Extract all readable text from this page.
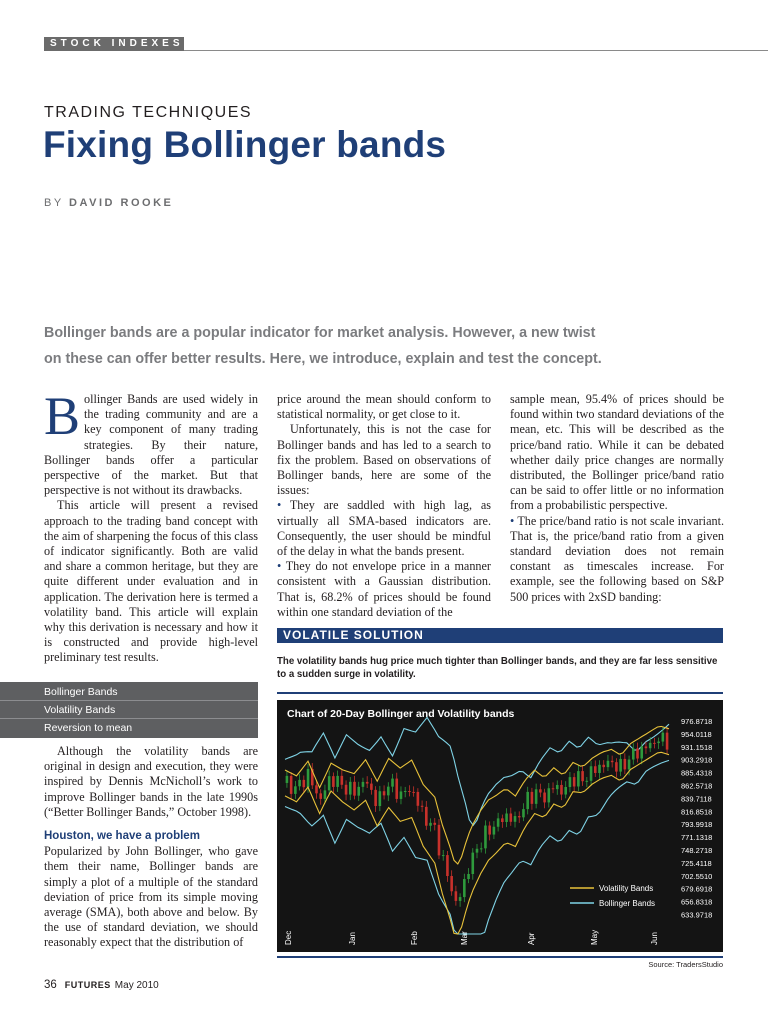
STOCK INDEXES
TRADING TECHNIQUES
Fixing Bollinger bands
BY DAVID ROOKE
Bollinger bands are a popular indicator for market analysis. However, a new twist
on these can offer better results. Here, we introduce, explain and test the concept.

Bollinger Bands are used widely in the trading community and are a key component of many trading strategies. By their nature, Bollinger bands offer a particular perspective of the market. But that perspective is not without its drawbacks.

This article will present a revised approach to the trading band concept with the aim of sharpening the focus of this class of indicator significantly. Both are valid and share a common heritage, but they are quite different under evaluation and in application. The derivation here is termed a volatility band. This article will explain why this derivation is necessary and how it is constructed and provide high-level preliminary test results.

Bollinger Bands
Volatility Bands
Reversion to mean

Although the volatility bands are original in design and execution, they were inspired by Dennis McNicholl’s work to improve Bollinger bands in the late 1990s (“Better Bollinger Bands,” October 1998).

Houston, we have a problem

Popularized by John Bollinger, who gave them their name, Bollinger bands are simply a plot of a multiple of the standard deviation of price from its simple moving average (SMA), both above and below. By the use of standard deviation, we should reasonably expect that the distribution of

price around the mean should conform to statistical normality, or get close to it.

Unfortunately, this is not the case for Bollinger bands and has led to a search to fix the problem. Based on observations of Bollinger bands, here are some of the issues:

• They are saddled with high lag, as virtually all SMA-based indicators are. Consequently, the user should be mindful of the delay in what the bands present.

• They do not envelope price in a manner consistent with a Gaussian distribution. That is, 68.2% of prices should be found within one standard deviation of the

sample mean, 95.4% of prices should be found within two standard deviations of the mean, etc. This will be described as the price/band ratio. While it can be debated whether daily price changes are normally distributed, the Bollinger price/band ratio can be said to offer little or no information from a probabilistic perspective.

• The price/band ratio is not scale invariant. That is, the price/band ratio from a given standard deviation does not remain constant as timescales increase. For example, see the following based on S&P 500 prices with 2xSD banding:

VOLATILE SOLUTION
The volatility bands hug price much tighter than Bollinger bands, and they are far less sensitive to a sudden surge in volatility.
Chart of 20-Day Bollinger and Volatility bands
976.8718
954.0118
931.1518
903.2918
885.4318
862.5718
839.7118
816.8518
793.9918
771.1318
748.2718
725.4118
702.5510
679.6918
656.8318
633.9718
Dec	Jan	Feb	Mar	Apr	May	Jun
Volatility Bands
Bollinger Bands
Source: TradersStudio
36 FUTURES May 2010
